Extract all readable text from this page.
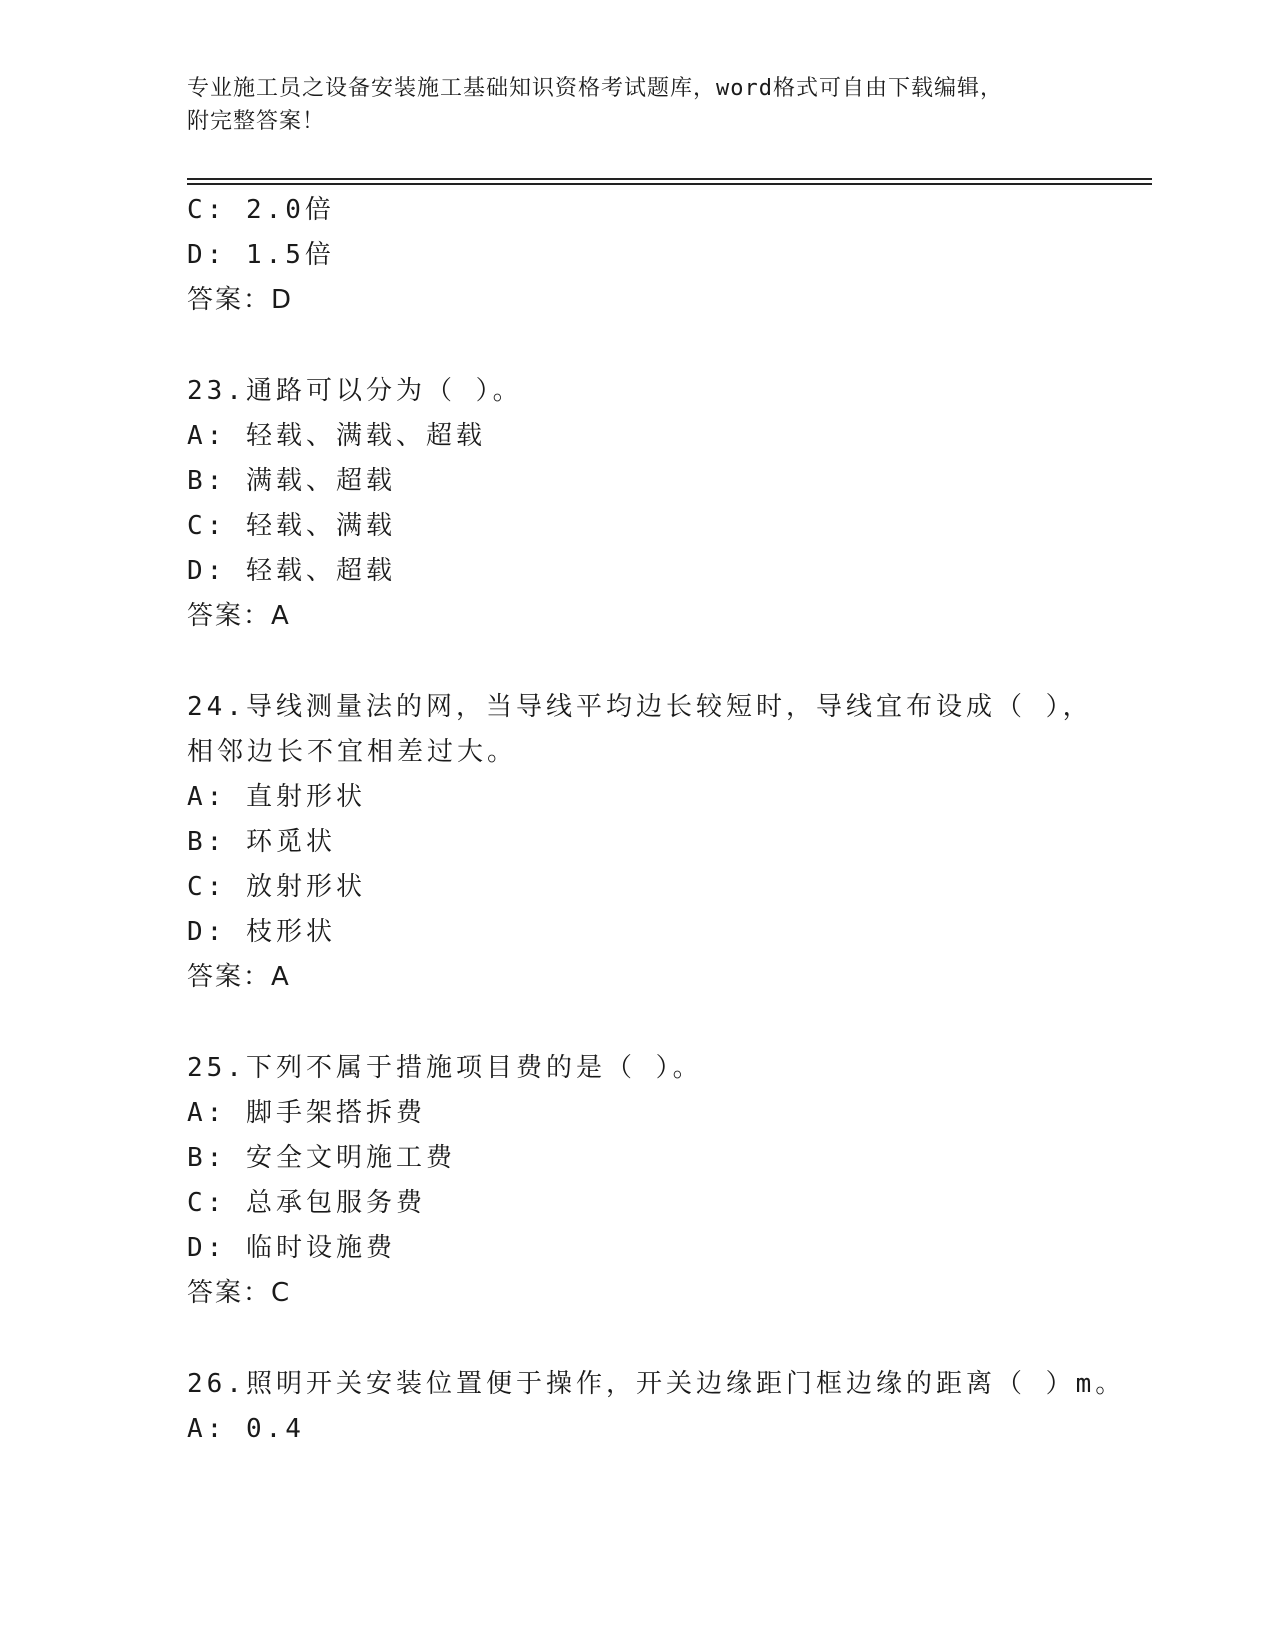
专业施工员之设备安装施工基础知识资格考试题库，word格式可自由下载编辑，
附完整答案！
C: 2.0倍
D: 1.5倍
答案：D
23.通路可以分为（ ）。
A: 轻载、满载、超载
B: 满载、超载
C: 轻载、满载
D: 轻载、超载
答案：A
24.导线测量法的网，当导线平均边长较短时，导线宜布设成（ ），
相邻边长不宜相差过大。
A: 直射形状
B: 环觅状
C: 放射形状
D: 枝形状
答案：A
25.下列不属于措施项目费的是（ ）。
A: 脚手架搭拆费
B: 安全文明施工费
C: 总承包服务费
D: 临时设施费
答案：C
26.照明开关安装位置便于操作，开关边缘距门框边缘的距离（ ）m。
A: 0.4
